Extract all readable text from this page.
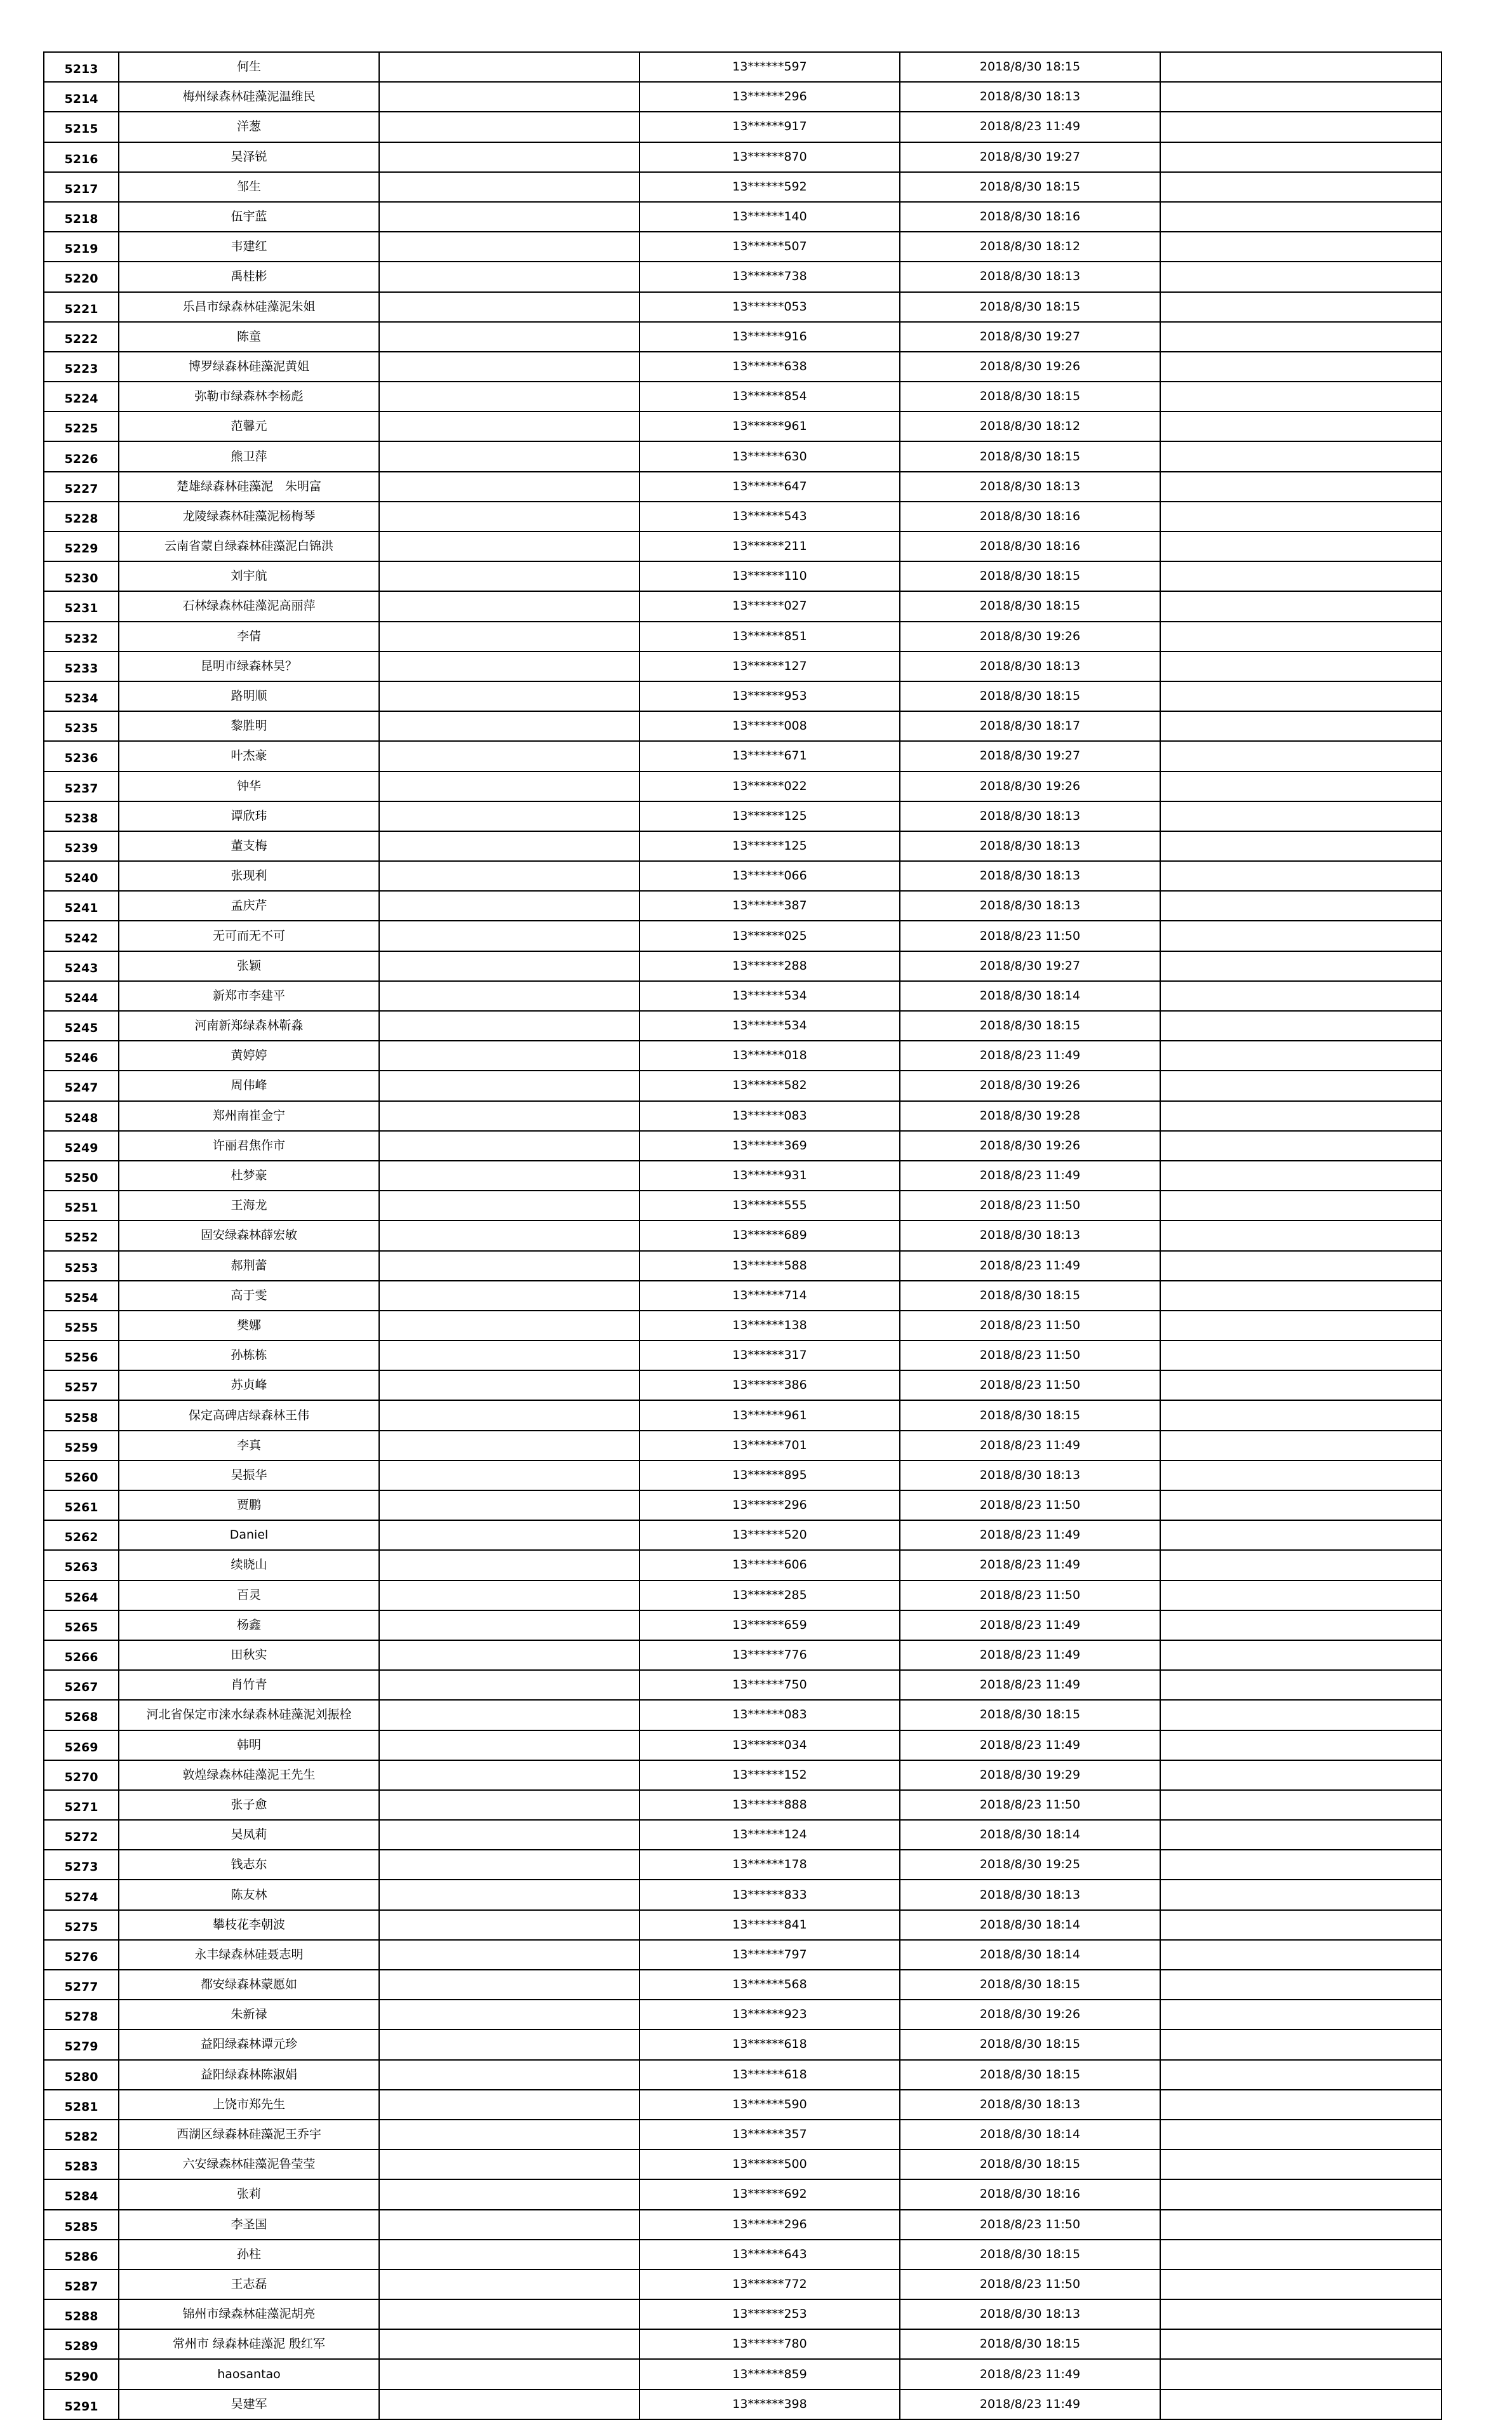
5213	何生		13******597	2018/8/30 18:15	
5214	梅州绿森林硅藻泥温维民		13******296	2018/8/30 18:13	
5215	洋葱		13******917	2018/8/23 11:49	
5216	吴泽锐		13******870	2018/8/30 19:27	
5217	邹生		13******592	2018/8/30 18:15	
5218	伍宇蓝		13******140	2018/8/30 18:16	
5219	韦建红		13******507	2018/8/30 18:12	
5220	禹桂彬		13******738	2018/8/30 18:13	
5221	乐昌市绿森林硅藻泥朱姐		13******053	2018/8/30 18:15	
5222	陈童		13******916	2018/8/30 19:27	
5223	博罗绿森林硅藻泥黄姐		13******638	2018/8/30 19:26	
5224	弥勒市绿森林李杨彪		13******854	2018/8/30 18:15	
5225	范馨元		13******961	2018/8/30 18:12	
5226	熊卫萍		13******630	2018/8/30 18:15	
5227	楚雄绿森林硅藻泥　朱明富		13******647	2018/8/30 18:13	
5228	龙陵绿森林硅藻泥杨梅琴		13******543	2018/8/30 18:16	
5229	云南省蒙自绿森林硅藻泥白锦洪		13******211	2018/8/30 18:16	
5230	刘宇航		13******110	2018/8/30 18:15	
5231	石林绿森林硅藻泥高丽萍		13******027	2018/8/30 18:15	
5232	李倩		13******851	2018/8/30 19:26	
5233	昆明市绿森林昊？		13******127	2018/8/30 18:13	
5234	路明顺		13******953	2018/8/30 18:15	
5235	黎胜明		13******008	2018/8/30 18:17	
5236	叶杰豪		13******671	2018/8/30 19:27	
5237	钟华		13******022	2018/8/30 19:26	
5238	谭欣玮		13******125	2018/8/30 18:13	
5239	董支梅		13******125	2018/8/30 18:13	
5240	张现利		13******066	2018/8/30 18:13	
5241	孟庆芹		13******387	2018/8/30 18:13	
5242	无可而无不可		13******025	2018/8/23 11:50	
5243	张颖		13******288	2018/8/30 19:27	
5244	新郑市李建平		13******534	2018/8/30 18:14	
5245	河南新郑绿森林靳淼		13******534	2018/8/30 18:15	
5246	黄婷婷		13******018	2018/8/23 11:49	
5247	周伟峰		13******582	2018/8/30 19:26	
5248	郑州南崔金宁		13******083	2018/8/30 19:28	
5249	许丽君焦作市		13******369	2018/8/30 19:26	
5250	杜梦豪		13******931	2018/8/23 11:49	
5251	王海龙		13******555	2018/8/23 11:50	
5252	固安绿森林薛宏敏		13******689	2018/8/30 18:13	
5253	郝荆蕾		13******588	2018/8/23 11:49	
5254	高于雯		13******714	2018/8/30 18:15	
5255	樊娜		13******138	2018/8/23 11:50	
5256	孙栋栋		13******317	2018/8/23 11:50	
5257	苏贞峰		13******386	2018/8/23 11:50	
5258	保定高碑店绿森林王伟		13******961	2018/8/30 18:15	
5259	李真		13******701	2018/8/23 11:49	
5260	吴振华		13******895	2018/8/30 18:13	
5261	贾鹏		13******296	2018/8/23 11:50	
5262	Daniel		13******520	2018/8/23 11:49	
5263	续晓山		13******606	2018/8/23 11:49	
5264	百灵		13******285	2018/8/23 11:50	
5265	杨鑫		13******659	2018/8/23 11:49	
5266	田秋实		13******776	2018/8/23 11:49	
5267	肖竹青		13******750	2018/8/23 11:49	
5268	河北省保定市涞水绿森林硅藻泥刘振栓		13******083	2018/8/30 18:15	
5269	韩明		13******034	2018/8/23 11:49	
5270	敦煌绿森林硅藻泥王先生		13******152	2018/8/30 19:29	
5271	张子愈		13******888	2018/8/23 11:50	
5272	吴凤莉		13******124	2018/8/30 18:14	
5273	钱志东		13******178	2018/8/30 19:25	
5274	陈友林		13******833	2018/8/30 18:13	
5275	攀枝花李朝波		13******841	2018/8/30 18:14	
5276	永丰绿森林硅聂志明		13******797	2018/8/30 18:14	
5277	都安绿森林蒙愿如		13******568	2018/8/30 18:15	
5278	朱新禄		13******923	2018/8/30 19:26	
5279	益阳绿森林谭元珍		13******618	2018/8/30 18:15	
5280	益阳绿森林陈淑娟		13******618	2018/8/30 18:15	
5281	上饶市郑先生		13******590	2018/8/30 18:13	
5282	西湖区绿森林硅藻泥王乔宇		13******357	2018/8/30 18:14	
5283	六安绿森林硅藻泥鲁莹莹		13******500	2018/8/30 18:15	
5284	张莉		13******692	2018/8/30 18:16	
5285	李圣国		13******296	2018/8/23 11:50	
5286	孙柱		13******643	2018/8/30 18:15	
5287	王志磊		13******772	2018/8/23 11:50	
5288	锦州市绿森林硅藻泥胡亮		13******253	2018/8/30 18:13	
5289	常州市 绿森林硅藻泥 殷红军		13******780	2018/8/30 18:15	
5290	haosantao		13******859	2018/8/23 11:49	
5291	吴建军		13******398	2018/8/23 11:49	
